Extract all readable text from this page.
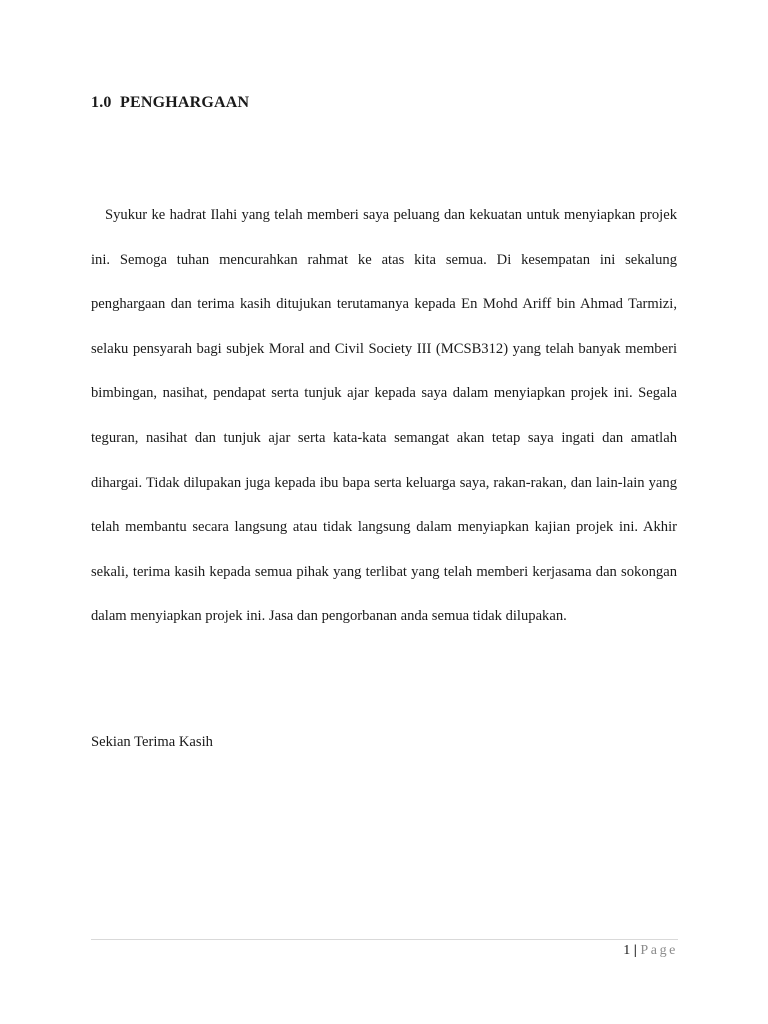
1.0  PENGHARGAAN

Syukur ke hadrat Ilahi yang telah memberi saya peluang dan kekuatan untuk menyiapkan projek ini. Semoga tuhan mencurahkan rahmat ke atas kita semua. Di kesempatan ini sekalung penghargaan dan terima kasih ditujukan terutamanya kepada En Mohd Ariff bin Ahmad Tarmizi, selaku pensyarah bagi subjek Moral and Civil Society III (MCSB312) yang telah banyak memberi bimbingan, nasihat, pendapat serta tunjuk ajar kepada saya dalam menyiapkan projek ini. Segala teguran, nasihat dan tunjuk ajar serta kata-kata semangat akan tetap saya ingati dan amatlah dihargai. Tidak dilupakan juga kepada ibu bapa serta keluarga saya, rakan-rakan, dan lain-lain yang telah membantu secara langsung atau tidak langsung dalam menyiapkan kajian projek ini. Akhir sekali, terima kasih kepada semua pihak yang terlibat yang telah memberi kerjasama dan sokongan dalam menyiapkan projek ini. Jasa dan pengorbanan anda semua tidak dilupakan.

Sekian Terima Kasih

1 | Page
